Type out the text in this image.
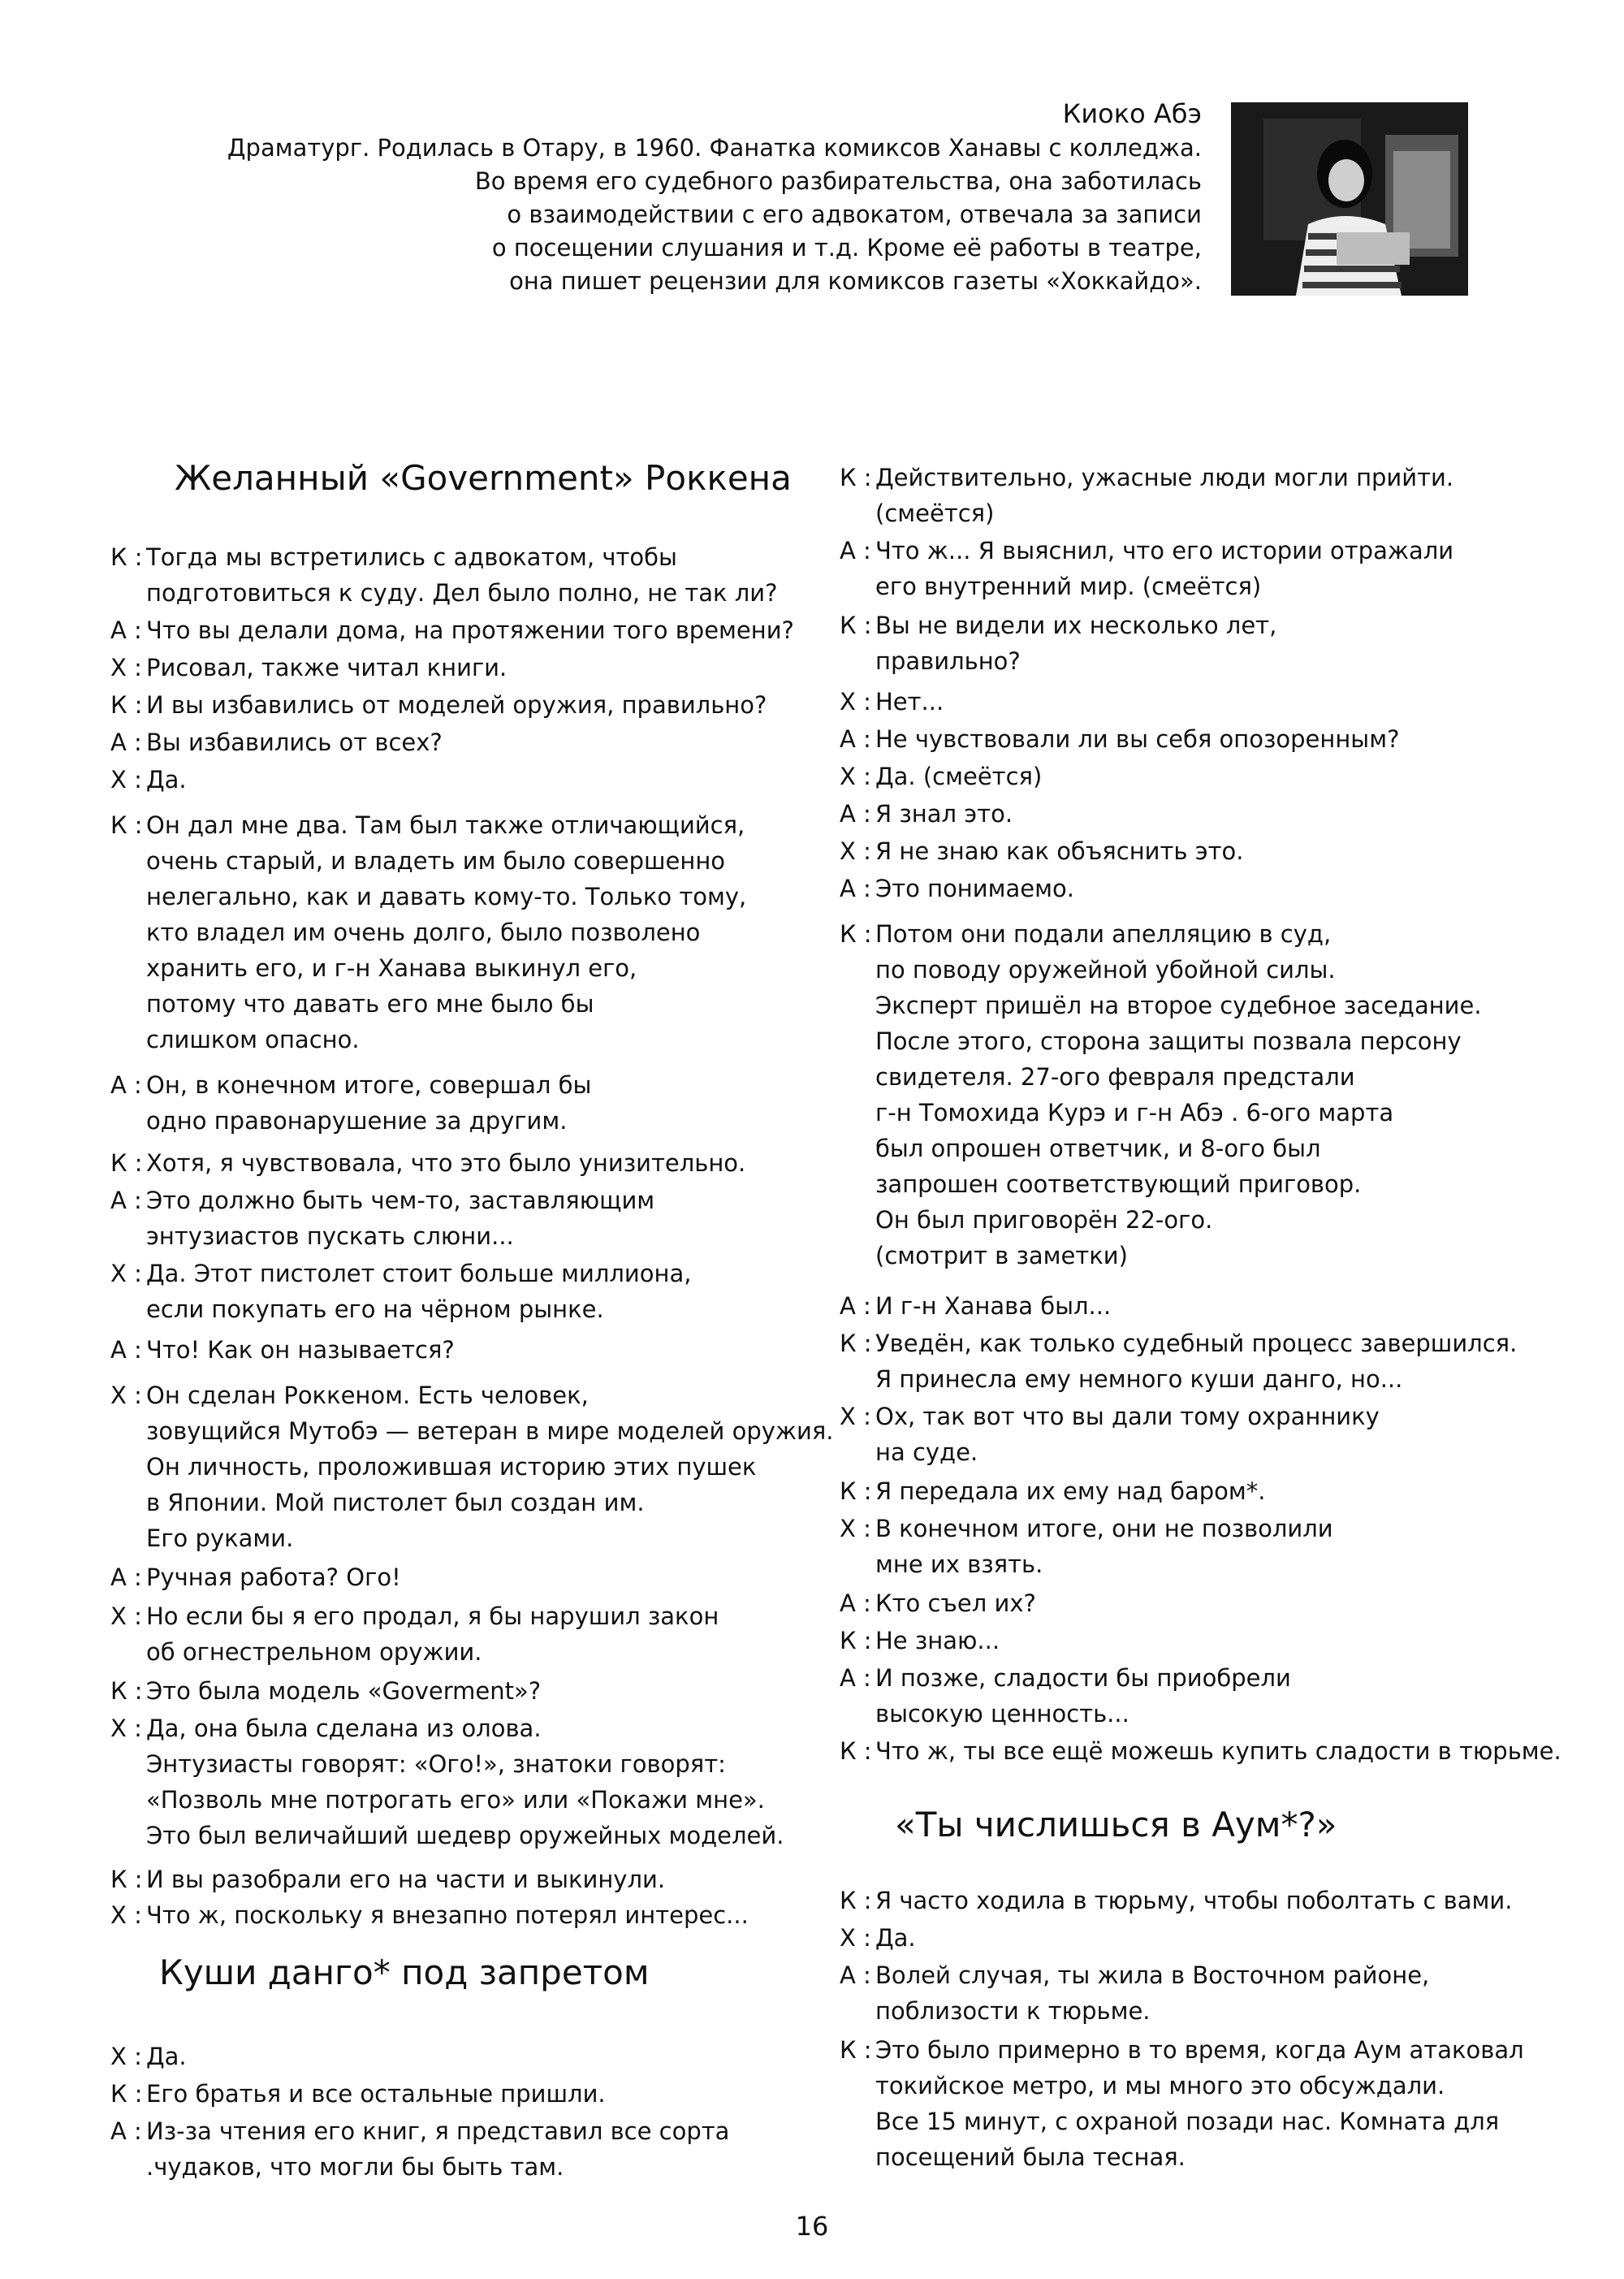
Киоко Абэ
Драматург. Родилась в Отару, в 1960. Фанатка комиксов Ханавы с колледжа.
Во время его судебного разбирательства, она заботилась
о взаимодействии с его адвокатом, отвечала за записи
о посещении слушания и т.д. Кроме её работы в театре,
она пишет рецензии для комиксов газеты «Хоккайдо».
Желанный «Government» Роккена
Куши данго* под запретом
«Ты числишься в Аум*?»
К : Тогда мы встретились с адвокатом, чтобы
подготовиться к суду. Дел было полно, не так ли?
А : Что вы делали дома, на протяжении того времени?
Х : Рисовал, также читал книги.
К : И вы избавились от моделей оружия, правильно?
А : Вы избавились от всех?
Х : Да.
К : Он дал мне два. Там был также отличающийся,
очень старый, и владеть им было совершенно
нелегально, как и давать кому-то. Только тому,
кто владел им очень долго, было позволено
хранить его, и г-н Ханава выкинул его,
потому что давать его мне было бы
слишком опасно.
А : Он, в конечном итоге, совершал бы
одно правонарушение за другим.
К : Хотя, я чувствовала, что это было унизительно.
А : Это должно быть чем-то, заставляющим
энтузиастов пускать слюни...
Х : Да. Этот пистолет стоит больше миллиона,
если покупать его на чёрном рынке.
А : Что! Как он называется?
Х : Он сделан Роккеном. Есть человек,
зовущийся Мутобэ — ветеран в мире моделей оружия.
Он личность, проложившая историю этих пушек
в Японии. Мой пистолет был создан им.
Его руками.
А : Ручная работа? Ого!
Х : Но если бы я его продал, я бы нарушил закон
об огнестрельном оружии.
К : Это была модель «Goverment»?
Х : Да, она была сделана из олова.
Энтузиасты говорят: «Ого!», знатоки говорят:
«Позволь мне потрогать его» или «Покажи мне».
Это был величайший шедевр оружейных моделей.
К : И вы разобрали его на части и выкинули.
Х : Что ж, поскольку я внезапно потерял интерес...
Х : Да.
К : Его братья и все остальные пришли.
А : Из-за чтения его книг, я представил все сорта
.чудаков, что могли бы быть там.
К : Действительно, ужасные люди могли прийти.
(смеётся)
А : Что ж... Я выяснил, что его истории отражали
его внутренний мир. (смеётся)
К : Вы не видели их несколько лет,
правильно?
Х : Нет...
А : Не чувствовали ли вы себя опозоренным?
Х : Да. (смеётся)
А : Я знал это.
Х : Я не знаю как объяснить это.
А : Это понимаемо.
К : Потом они подали апелляцию в суд,
по поводу оружейной убойной силы.
Эксперт пришёл на второе судебное заседание.
После этого, сторона защиты позвала персону
свидетеля. 27-ого февраля предстали
г-н Томохида Курэ и г-н Абэ . 6-ого марта
был опрошен ответчик, и 8-ого был
запрошен соответствующий приговор.
Он был приговорён 22-ого.
(смотрит в заметки)
А : И г-н Ханава был...
К : Уведён, как только судебный процесс завершился.
Я принесла ему немного куши данго, но...
Х : Ох, так вот что вы дали тому охраннику
на суде.
К : Я передала их ему над баром*.
Х : В конечном итоге, они не позволили
мне их взять.
А : Кто съел их?
К : Не знаю...
А : И позже, сладости бы приобрели
высокую ценность...
К : Что ж, ты все ещё можешь купить сладости в тюрьме.
К : Я часто ходила в тюрьму, чтобы поболтать с вами.
Х : Да.
А : Волей случая, ты жила в Восточном районе,
поблизости к тюрьме.
К : Это было примерно в то время, когда Аум атаковал
токийское метро, и мы много это обсуждали.
Все 15 минут, с охраной позади нас. Комната для
посещений была тесная.
16
